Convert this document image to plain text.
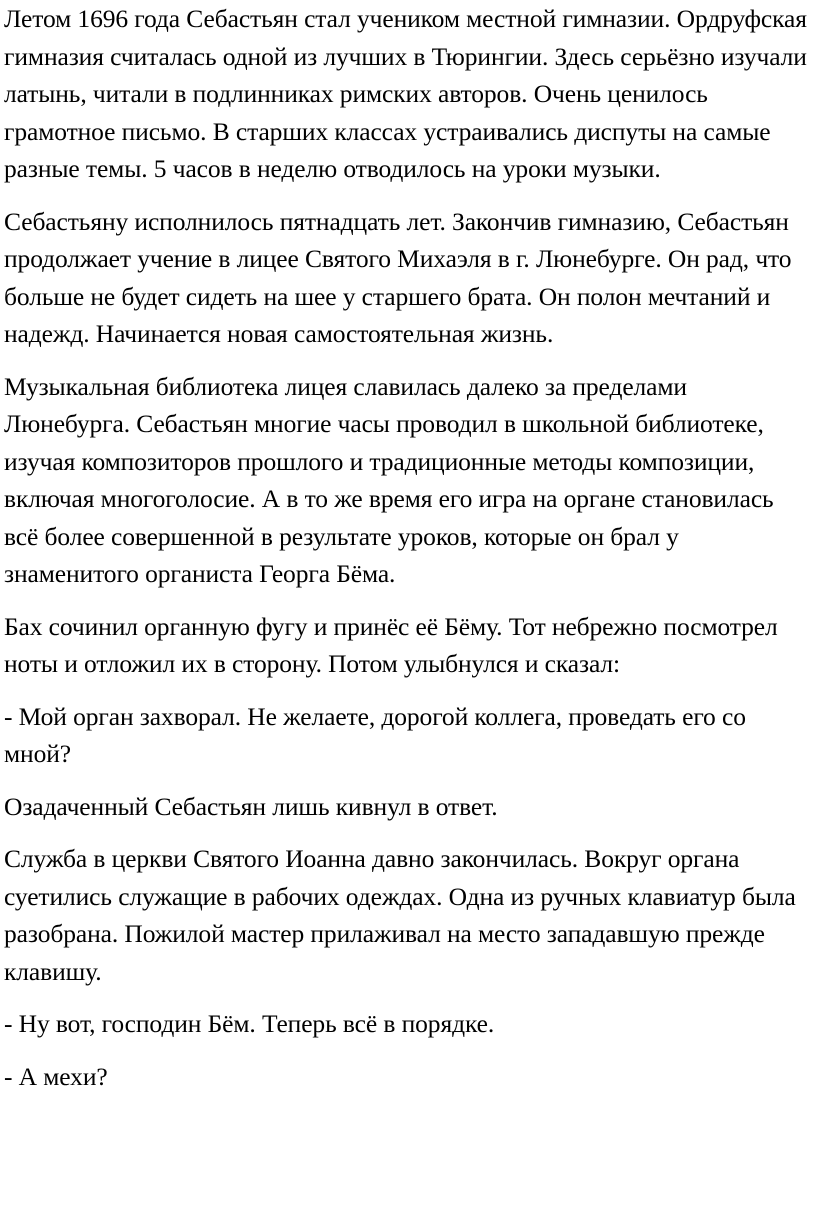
Летом 1696 года Себастьян стал учеником местной гимназии. Ордруфская гимназия считалась одной из лучших в Тюрингии. Здесь серьёзно изучали латынь, читали в подлинниках римских авторов. Очень ценилось грамотное письмо. В старших классах устраивались диспуты на самые разные темы. 5 часов в неделю отводилось на уроки музыки.

Себастьяну исполнилось пятнадцать лет. Закончив гимназию, Себастьян продолжает учение в лицее Святого Михаэля в г. Люнебурге. Он рад, что больше не будет сидеть на шее у старшего брата. Он полон мечтаний и надежд. Начинается новая самостоятельная жизнь.

Музыкальная библиотека лицея славилась далеко за пределами Люнебурга. Себастьян многие часы проводил в школьной библиотеке, изучая композиторов прошлого и традиционные методы композиции, включая многоголосие. А в то же время его игра на органе становилась всё более совершенной в результате уроков, которые он брал у знаменитого органиста Георга Бёма.

Бах сочинил органную фугу и принёс её Бёму. Тот небрежно посмотрел ноты и отложил их в сторону. Потом улыбнулся и сказал:

- Мой орган захворал. Не желаете, дорогой коллега, проведать его со мной?

Озадаченный Себастьян лишь кивнул в ответ.

Служба в церкви Святого Иоанна давно закончилась. Вокруг органа суетились служащие в рабочих одеждах. Одна из ручных клавиатур была разобрана. Пожилой мастер прилаживал на место западавшую прежде клавишу.

- Ну вот, господин Бём. Теперь всё в порядке.

- А мехи?
